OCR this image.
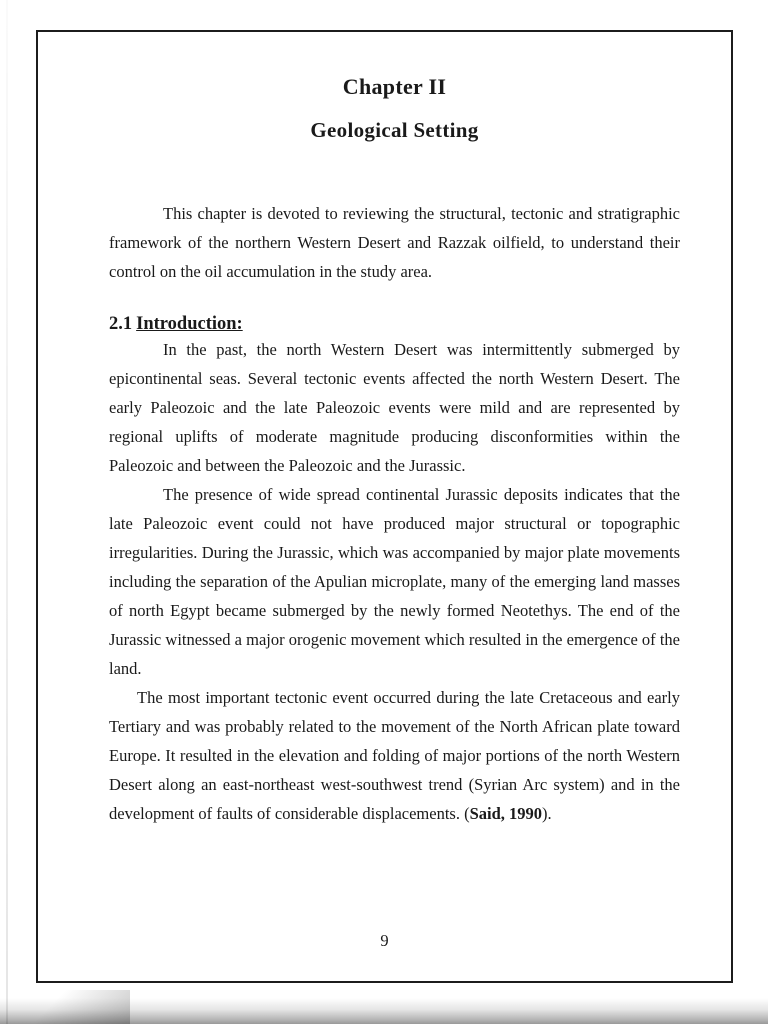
Chapter II
Geological Setting

This chapter is devoted to reviewing the structural, tectonic and stratigraphic framework of the northern Western Desert and Razzak oilfield, to understand their control on the oil accumulation in the study area.

2.1 Introduction:

In the past, the north Western Desert was intermittently submerged by epicontinental seas. Several tectonic events affected the north Western Desert. The early Paleozoic and the late Paleozoic events were mild and are represented by regional uplifts of moderate magnitude producing disconformities within the Paleozoic and between the Paleozoic and the Jurassic.

The presence of wide spread continental Jurassic deposits indicates that the late Paleozoic event could not have produced major structural or topographic irregularities. During the Jurassic, which was accompanied by major plate movements including the separation of the Apulian microplate, many of the emerging land masses of north Egypt became submerged by the newly formed Neotethys. The end of the Jurassic witnessed a major orogenic movement which resulted in the emergence of the land.

The most important tectonic event occurred during the late Cretaceous and early Tertiary and was probably related to the movement of the North African plate toward Europe. It resulted in the elevation and folding of major portions of the north Western Desert along an east-northeast west-southwest trend (Syrian Arc system) and in the development of faults of considerable displacements. (Said, 1990).

9
